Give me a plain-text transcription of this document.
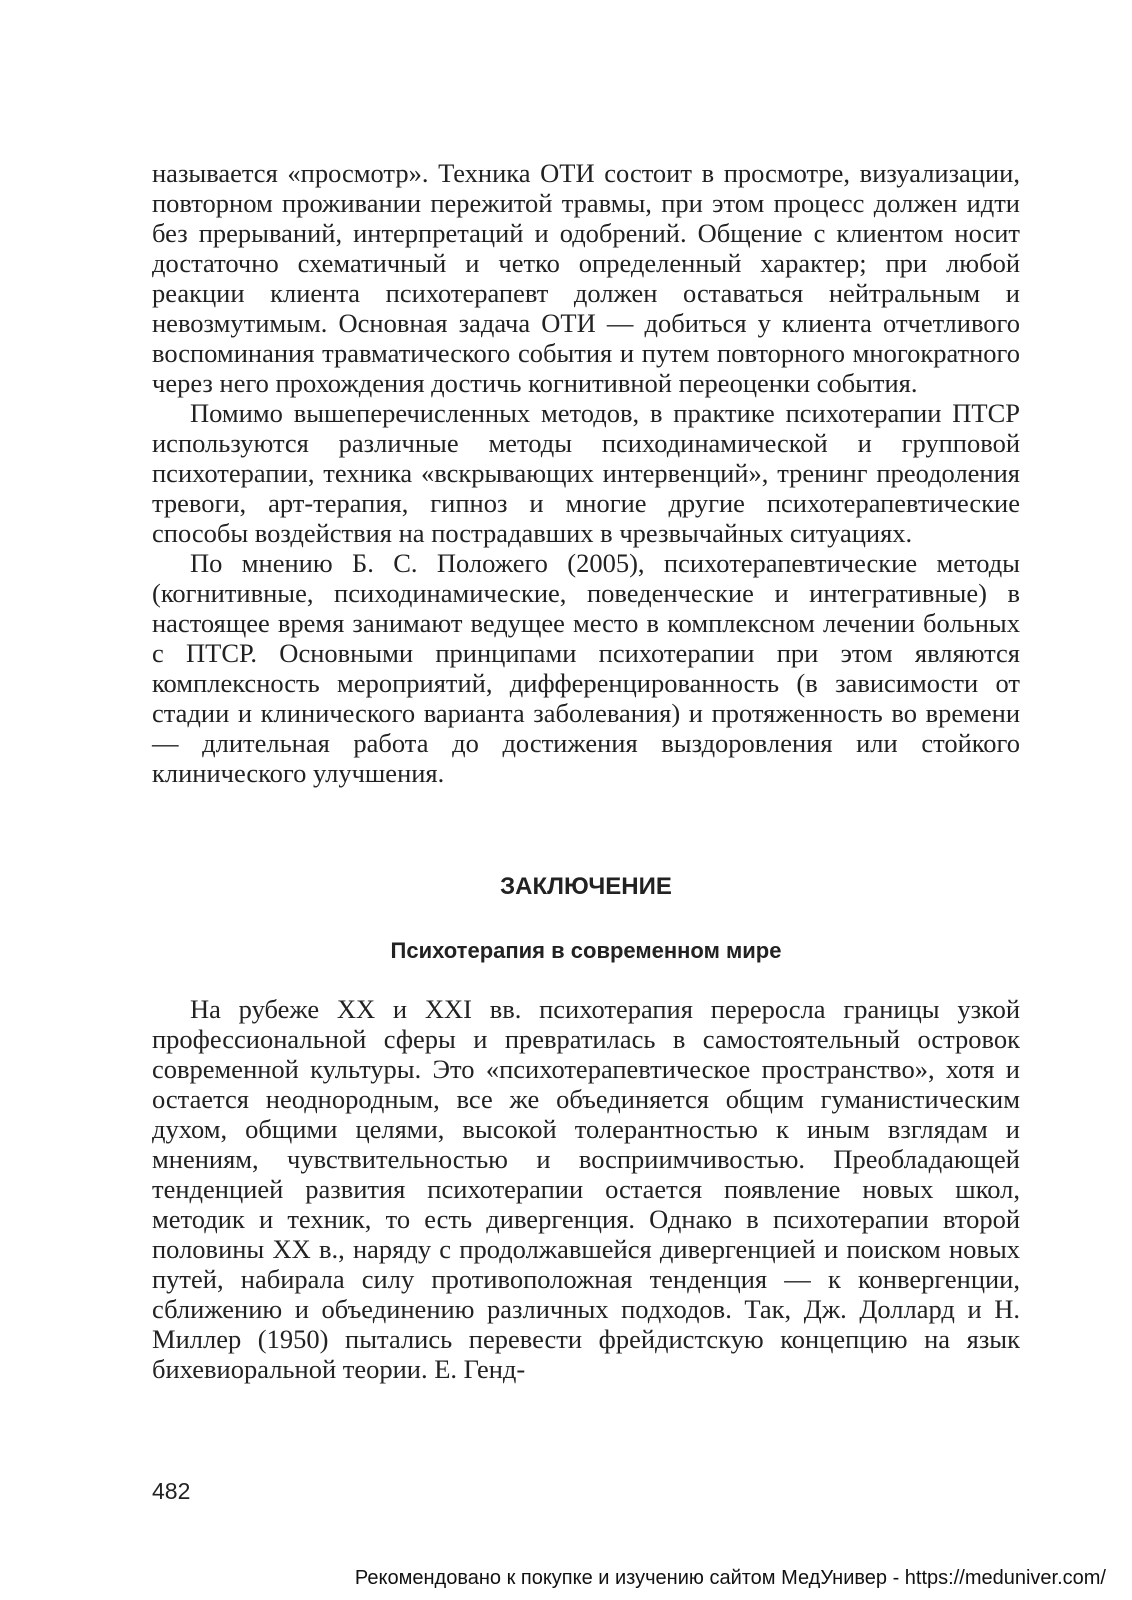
называется «просмотр». Техника ОТИ состоит в просмотре, визуализации, повторном проживании пережитой травмы, при этом процесс должен идти без прерываний, интерпретаций и одобрений. Общение с клиентом носит достаточно схематичный и четко определенный характер; при любой реакции клиента психотерапевт должен оставаться нейтральным и невозмутимым. Основная задача ОТИ — добиться у клиента отчетливого воспоминания травматического события и путем повторного многократного через него прохождения достичь когнитивной переоценки события.

Помимо вышеперечисленных методов, в практике психотерапии ПТСР используются различные методы психодинамической и групповой психотерапии, техника «вскрывающих интервенций», тренинг преодоления тревоги, арт-терапия, гипноз и многие другие психотерапевтические способы воздействия на пострадавших в чрезвычайных ситуациях.

По мнению Б. С. Положего (2005), психотерапевтические методы (когнитивные, психодинамические, поведенческие и интегративные) в настоящее время занимают ведущее место в комплексном лечении больных с ПТСР. Основными принципами психотерапии при этом являются комплексность мероприятий, дифференцированность (в зависимости от стадии и клинического варианта заболевания) и протяженность во времени — длительная работа до достижения выздоровления или стойкого клинического улучшения.

ЗАКЛЮЧЕНИЕ
Психотерапия в современном мире

На рубеже XX и XXI вв. психотерапия переросла границы узкой профессиональной сферы и превратилась в самостоятельный островок современной культуры. Это «психотерапевтическое пространство», хотя и остается неоднородным, все же объединяется общим гуманистическим духом, общими целями, высокой толерантностью к иным взглядам и мнениям, чувствительностью и восприимчивостью. Преобладающей тенденцией развития психотерапии остается появление новых школ, методик и техник, то есть дивергенция. Однако в психотерапии второй половины XX в., наряду с продолжавшейся дивергенцией и поиском новых путей, набирала силу противоположная тенденция — к конвергенции, сближению и объединению различных подходов. Так, Дж. Доллард и Н. Миллер (1950) пытались перевести фрейдистскую концепцию на язык бихевиоральной теории. Е. Генд-

482
Рекомендовано к покупке и изучению сайтом МедУнивер - https://meduniver.com/
